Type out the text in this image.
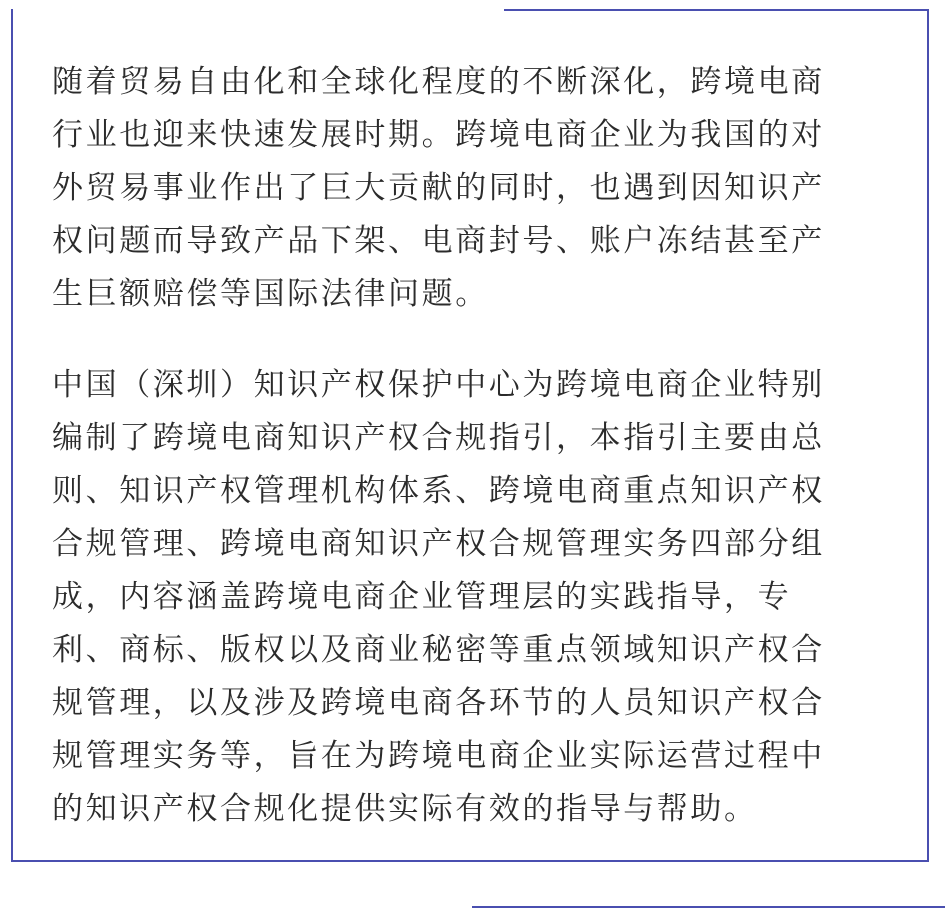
随着贸易自由化和全球化程度的不断深化，跨境电商
行业也迎来快速发展时期。跨境电商企业为我国的对
外贸易事业作出了巨大贡献的同时，也遇到因知识产
权问题而导致产品下架、电商封号、账户冻结甚至产
生巨额赔偿等国际法律问题。

中国（深圳）知识产权保护中心为跨境电商企业特别
编制了跨境电商知识产权合规指引，本指引主要由总
则、知识产权管理机构体系、跨境电商重点知识产权
合规管理、跨境电商知识产权合规管理实务四部分组
成，内容涵盖跨境电商企业管理层的实践指导，专
利、商标、版权以及商业秘密等重点领域知识产权合
规管理，以及涉及跨境电商各环节的人员知识产权合
规管理实务等，旨在为跨境电商企业实际运营过程中
的知识产权合规化提供实际有效的指导与帮助。
